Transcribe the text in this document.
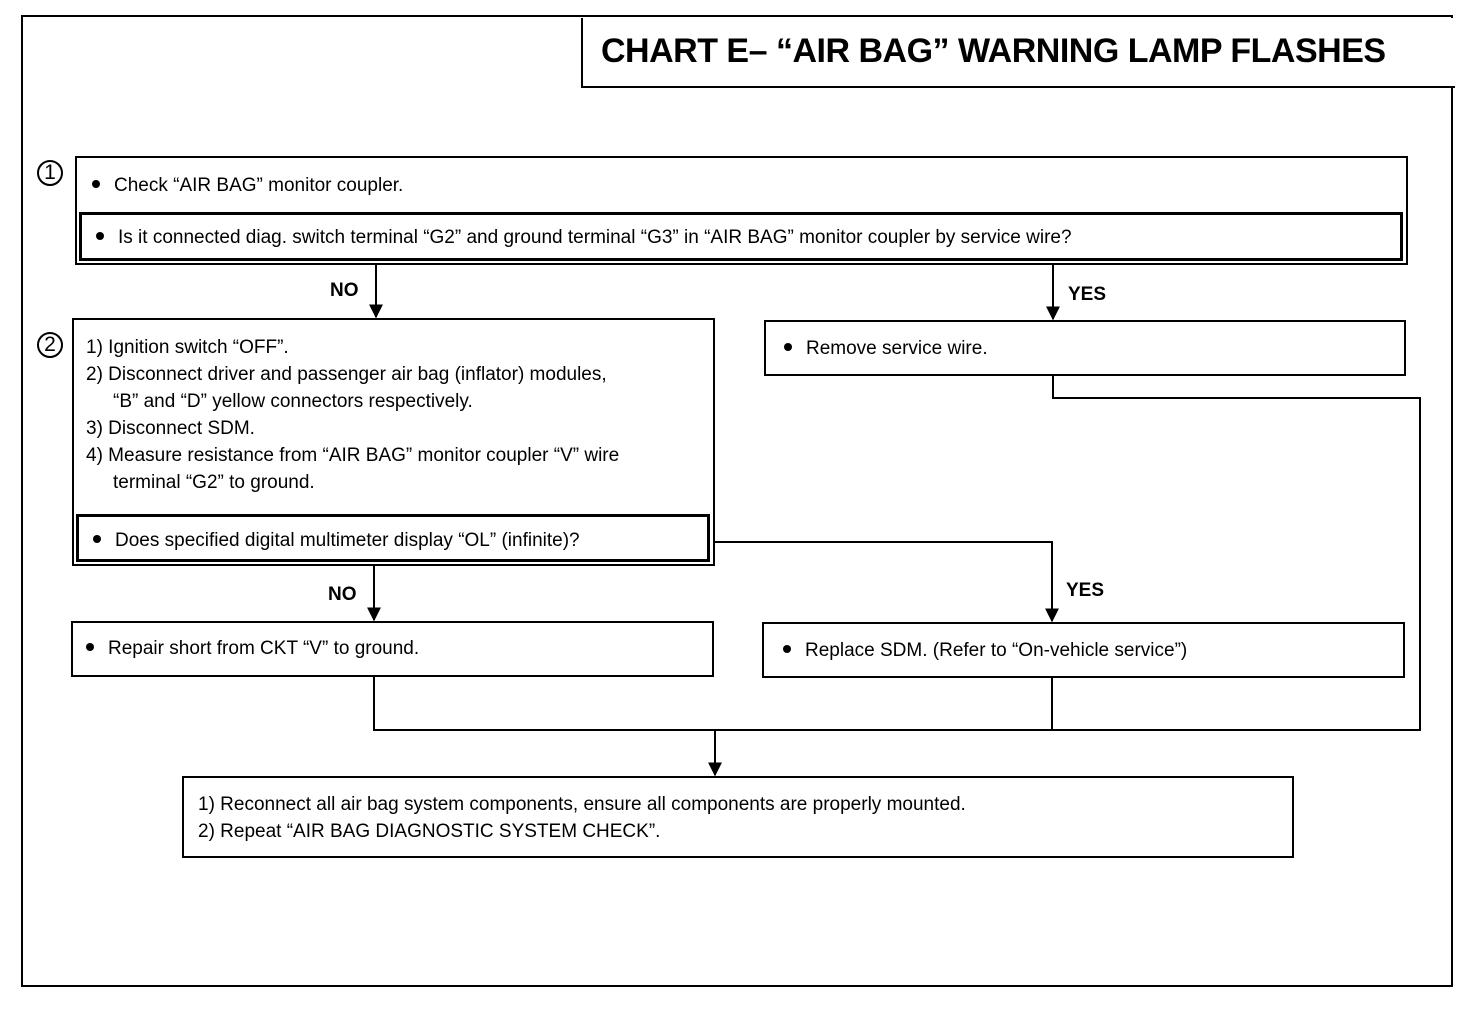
CHART E– “AIR BAG” WARNING LAMP FLASHES
1
Check “AIR BAG” monitor coupler.
Is it connected diag. switch terminal “G2” and ground terminal “G3” in “AIR BAG” monitor coupler by service wire?
NO	YES
Remove service wire.
2	1) Ignition switch “OFF”.
2) Disconnect driver and passenger air bag (inflator) modules,
“B” and “D” yellow connectors respectively.
3) Disconnect SDM.
4) Measure resistance from “AIR BAG” monitor coupler “V” wire
terminal “G2” to ground.
Does specified digital multimeter display “OL” (infinite)?
NO	YES
Repair short from CKT “V” to ground.	Replace SDM. (Refer to “On-vehicle service”)
1) Reconnect all air bag system components, ensure all components are properly mounted.
2) Repeat “AIR BAG DIAGNOSTIC SYSTEM CHECK”.
